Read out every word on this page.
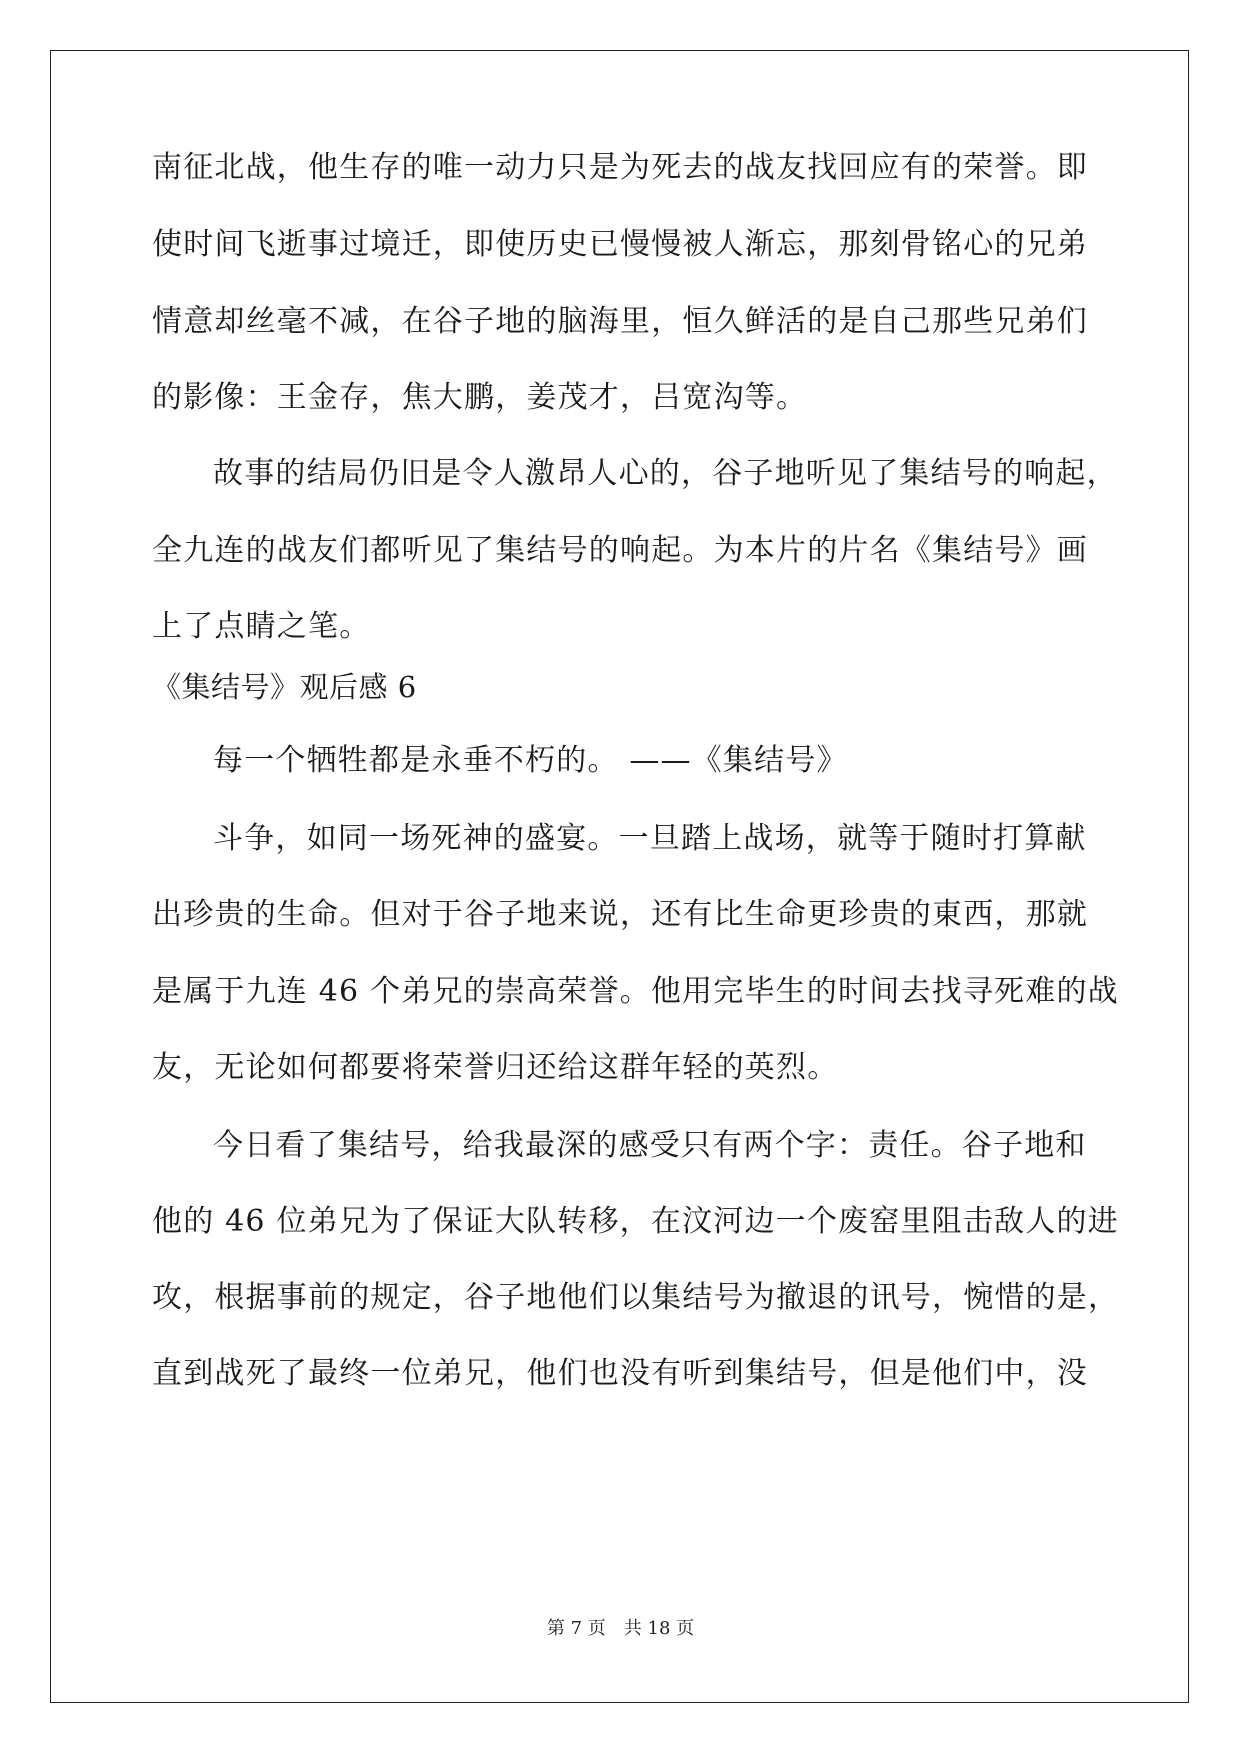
南征北战，他生存的唯一动力只是为死去的战友找回应有的荣誉。即
使时间飞逝事过境迁，即使历史已慢慢被人渐忘，那刻骨铭心的兄弟
情意却丝毫不减，在谷子地的脑海里，恒久鲜活的是自己那些兄弟们
的影像：王金存，焦大鹏，姜茂才，吕宽沟等。
故事的结局仍旧是令人激昂人心的，谷子地听见了集结号的响起，
全九连的战友们都听见了集结号的响起。为本片的片名《集结号》画
上了点睛之笔。
《集结号》观后感 6
每一个牺牲都是永垂不朽的。 ——《集结号》
斗争，如同一场死神的盛宴。一旦踏上战场，就等于随时打算献
出珍贵的生命。但对于谷子地来说，还有比生命更珍贵的東西，那就
是属于九连 46 个弟兄的崇高荣誉。他用完毕生的时间去找寻死难的战
友，无论如何都要将荣誉归还给这群年轻的英烈。
今日看了集结号，给我最深的感受只有两个字：责任。谷子地和
他的 46 位弟兄为了保证大队转移，在汶河边一个废窑里阻击敌人的进
攻，根据事前的规定，谷子地他们以集结号为撤退的讯号，惋惜的是，
直到战死了最终一位弟兄，他们也没有听到集结号，但是他们中，没
第 7 页 共 18 页
